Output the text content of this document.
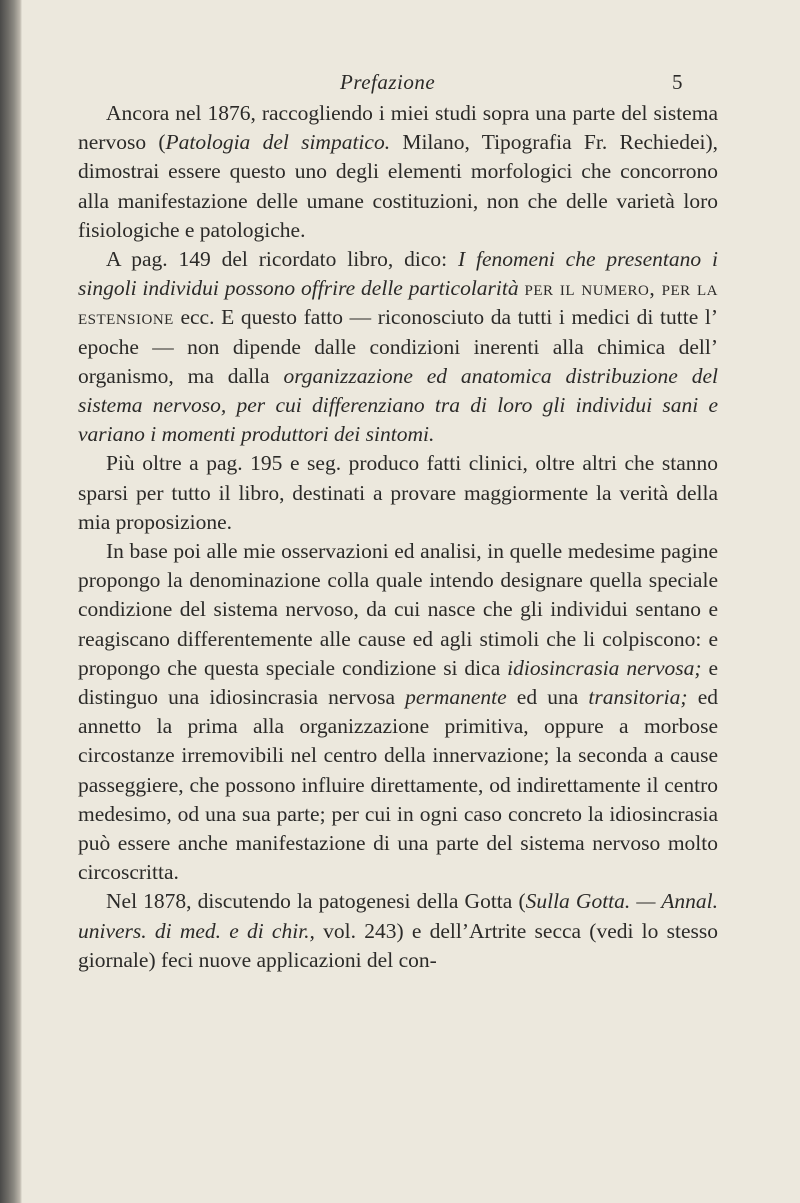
Prefazione	5

Ancora nel 1876, raccogliendo i miei studi sopra una parte del sistema nervoso (Patologia del simpatico. Milano, Tipografia Fr. Rechiedei), dimostrai essere questo uno degli elementi morfologici che concorrono alla manifestazione delle umane costituzioni, non che delle varietà loro fisiologiche e patologiche.

A pag. 149 del ricordato libro, dico: I fenomeni che presentano i singoli individui possono offrire delle particolarità per il numero, per la estensione ecc. E questo fatto — riconosciuto da tutti i medici di tutte l’ epoche — non dipende dalle condizioni inerenti alla chimica dell’ organismo, ma dalla organizzazione ed anatomica distribuzione del sistema nervoso, per cui differenziano tra di loro gli individui sani e variano i momenti produttori dei sintomi.

Più oltre a pag. 195 e seg. produco fatti clinici, oltre altri che stanno sparsi per tutto il libro, destinati a provare maggiormente la verità della mia proposizione.

In base poi alle mie osservazioni ed analisi, in quelle medesime pagine propongo la denominazione colla quale intendo designare quella speciale condizione del sistema nervoso, da cui nasce che gli individui sentano e reagiscano differentemente alle cause ed agli stimoli che li colpiscono: e propongo che questa speciale condizione si dica idiosincrasia nervosa; e distinguo una idiosincrasia nervosa permanente ed una transitoria; ed annetto la prima alla organizzazione primitiva, oppure a morbose circostanze irremovibili nel centro della innervazione; la seconda a cause passeggiere, che possono influire direttamente, od indirettamente il centro medesimo, od una sua parte; per cui in ogni caso concreto la idiosincrasia può essere anche manifestazione di una parte del sistema nervoso molto circoscritta.

Nel 1878, discutendo la patogenesi della Gotta (Sulla Gotta. — Annal. univers. di med. e di chir., vol. 243) e dell’Artrite secca (vedi lo stesso giornale) feci nuove applicazioni del con-
